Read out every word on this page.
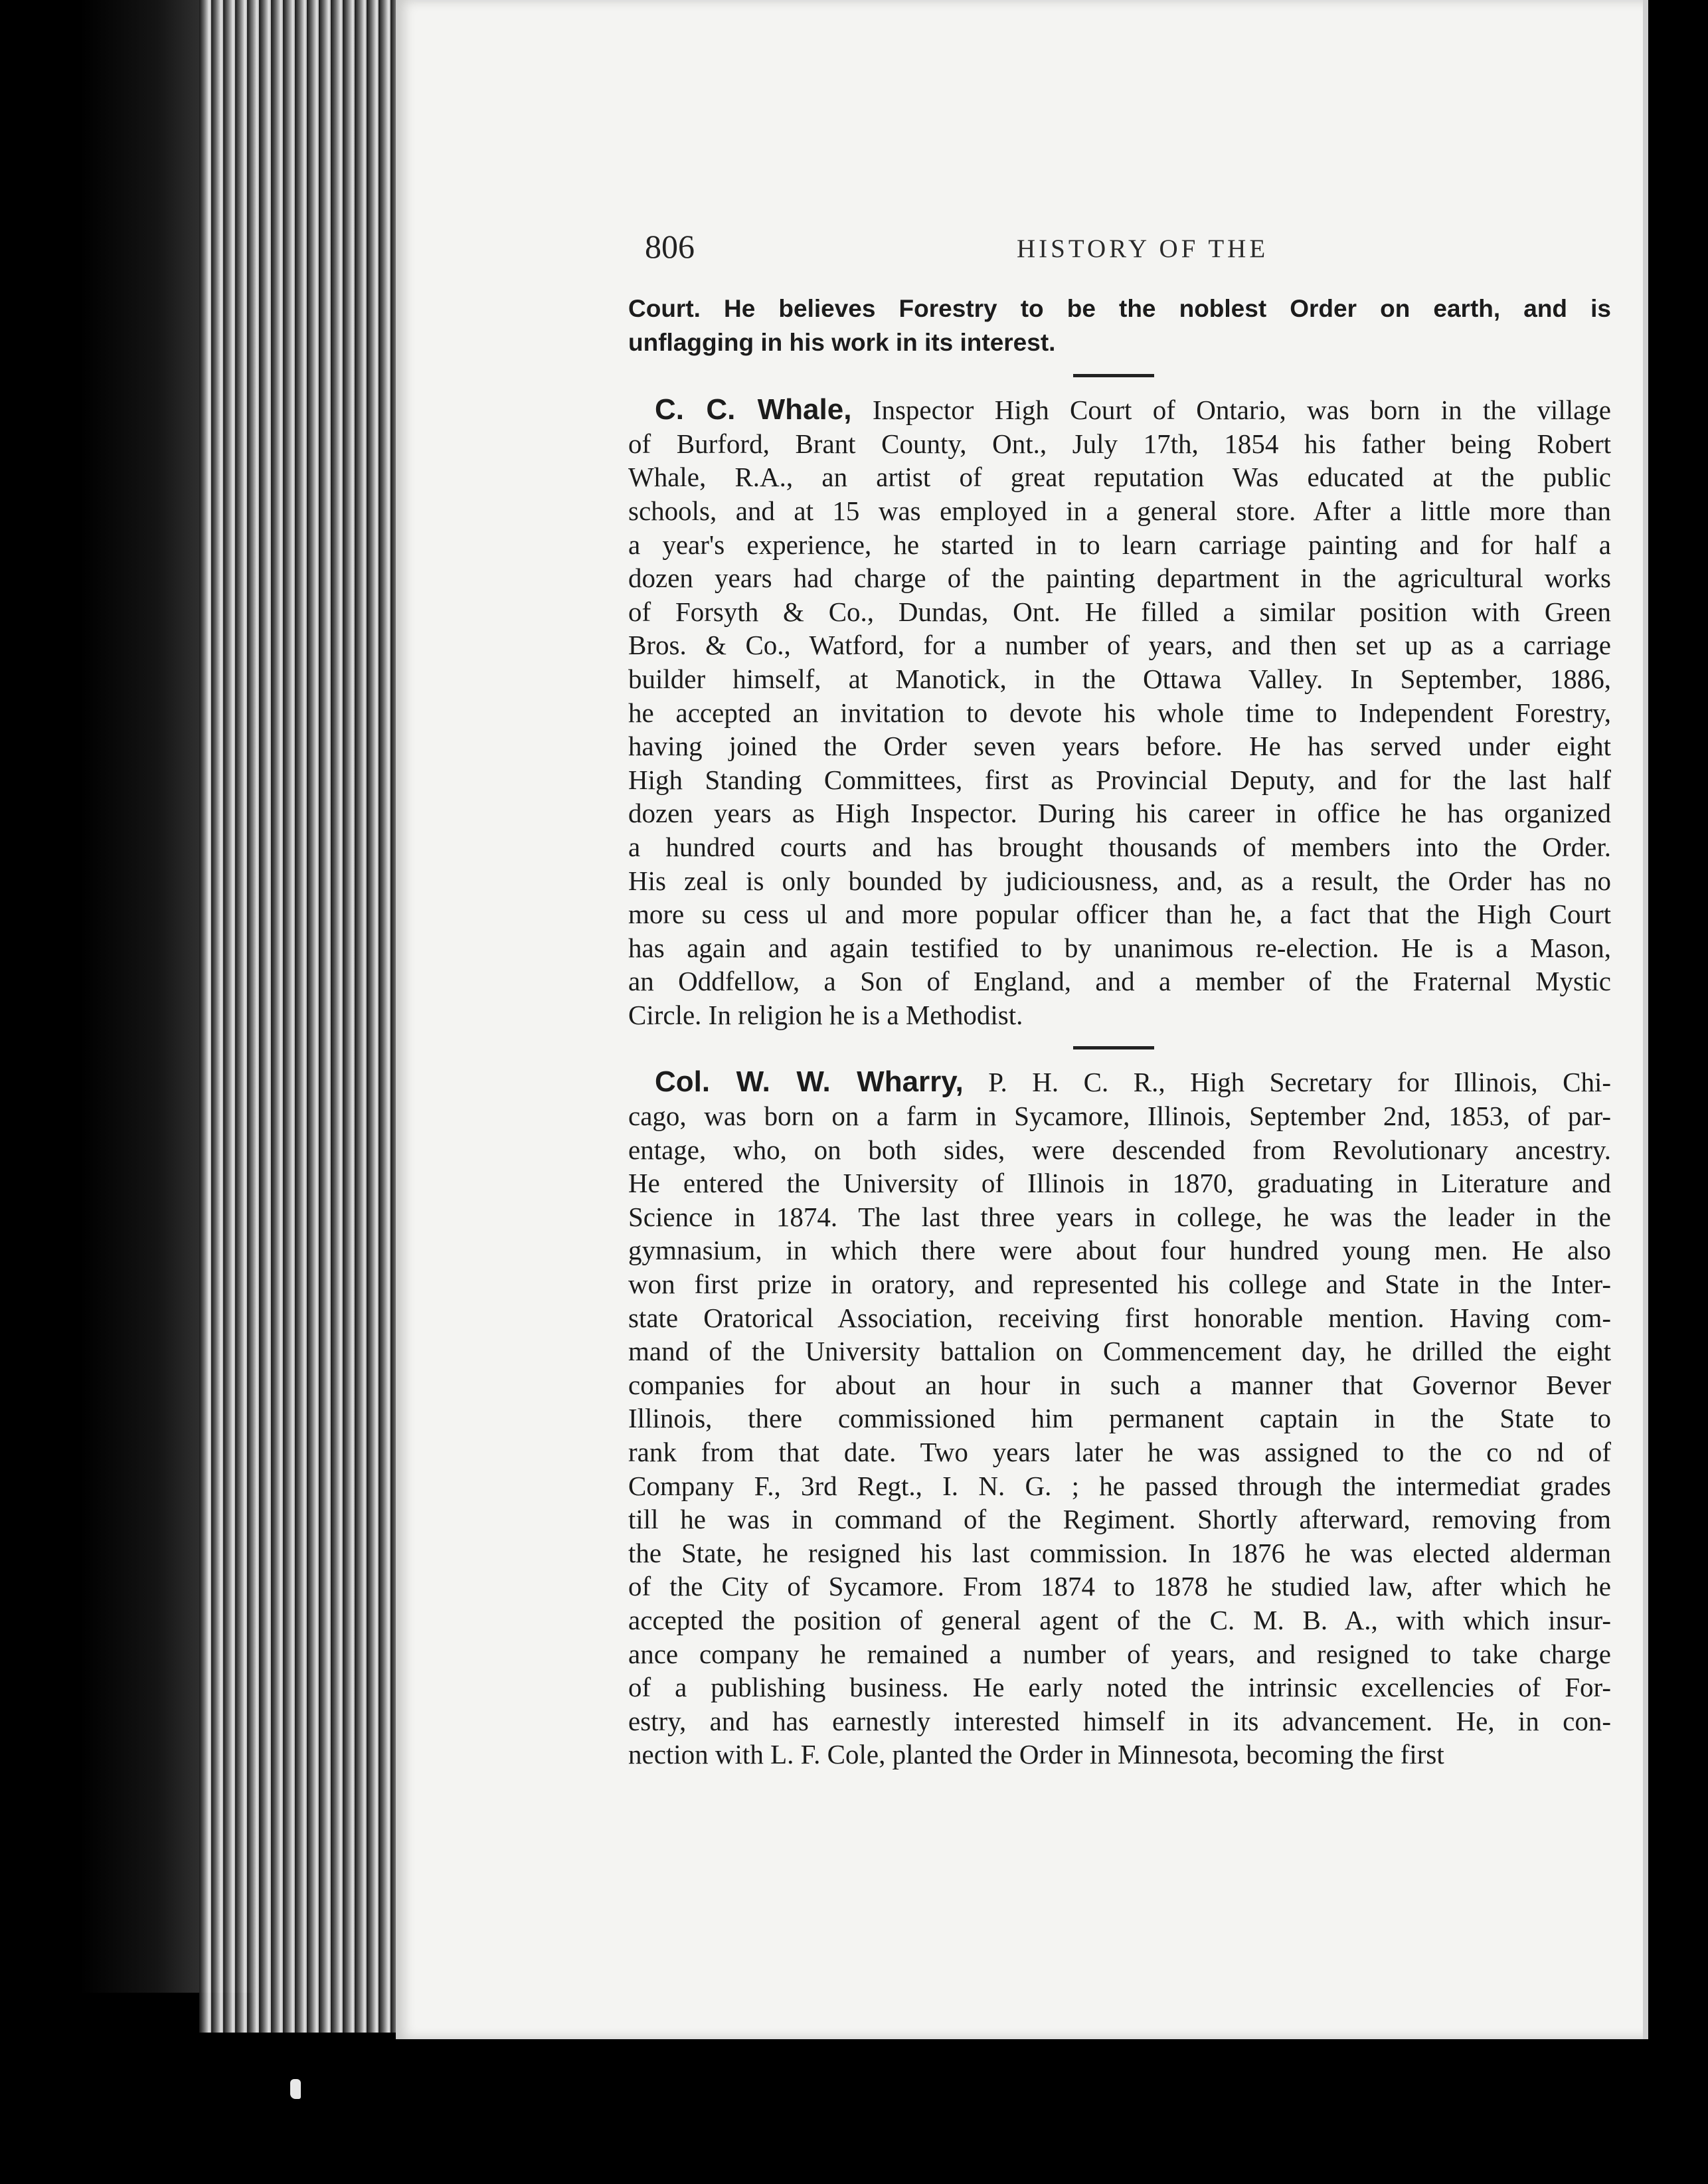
806	HISTORY OF THE
Court. He believes Forestry to be the noblest Order on earth, and is
unflagging in his work in its interest.
C. C. Whale, Inspector High Court of Ontario, was born in the village
of Burford, Brant County, Ont., July 17th, 1854 his father being Robert
Whale, R.A., an artist of great reputation Was educated at the public
schools, and at 15 was employed in a general store. After a little more than
a year's experience, he started in to learn carriage painting and for half a
dozen years had charge of the painting department in the agricultural works
of Forsyth & Co., Dundas, Ont. He filled a similar position with Green
Bros. & Co., Watford, for a number of years, and then set up as a carriage
builder himself, at Manotick, in the Ottawa Valley. In September, 1886,
he accepted an invitation to devote his whole time to Independent Forestry,
having joined the Order seven years before. He has served under eight
High Standing Committees, first as Provincial Deputy, and for the last half
dozen years as High Inspector. During his career in office he has organized
a hundred courts and has brought thousands of members into the Order.
His zeal is only bounded by judiciousness, and, as a result, the Order has no
more su cess ul and more popular officer than he, a fact that the High Court
has again and again testified to by unanimous re-election. He is a Mason,
an Oddfellow, a Son of England, and a member of the Fraternal Mystic
Circle. In religion he is a Methodist.
Col. W. W. Wharry, P. H. C. R., High Secretary for Illinois, Chi-
cago, was born on a farm in Sycamore, Illinois, September 2nd, 1853, of par-
entage, who, on both sides, were descended from Revolutionary ancestry.
He entered the University of Illinois in 1870, graduating in Literature and
Science in 1874. The last three years in college, he was the leader in the
gymnasium, in which there were about four hundred young men. He also
won first prize in oratory, and represented his college and State in the Inter-
state Oratorical Association, receiving first honorable mention. Having com-
mand of the University battalion on Commencement day, he drilled the eight
companies for about an hour in such a manner that Governor Bever
Illinois, there commissioned him permanent captain in the State to
rank from that date. Two years later he was assigned to the co nd of
Company F., 3rd Regt., I. N. G. ; he passed through the intermediat grades
till he was in command of the Regiment. Shortly afterward, removing from
the State, he resigned his last commission. In 1876 he was elected alderman
of the City of Sycamore. From 1874 to 1878 he studied law, after which he
accepted the position of general agent of the C. M. B. A., with which insur-
ance company he remained a number of years, and resigned to take charge
of a publishing business. He early noted the intrinsic excellencies of For-
estry, and has earnestly interested himself in its advancement. He, in con-
nection with L. F. Cole, planted the Order in Minnesota, becoming the first
